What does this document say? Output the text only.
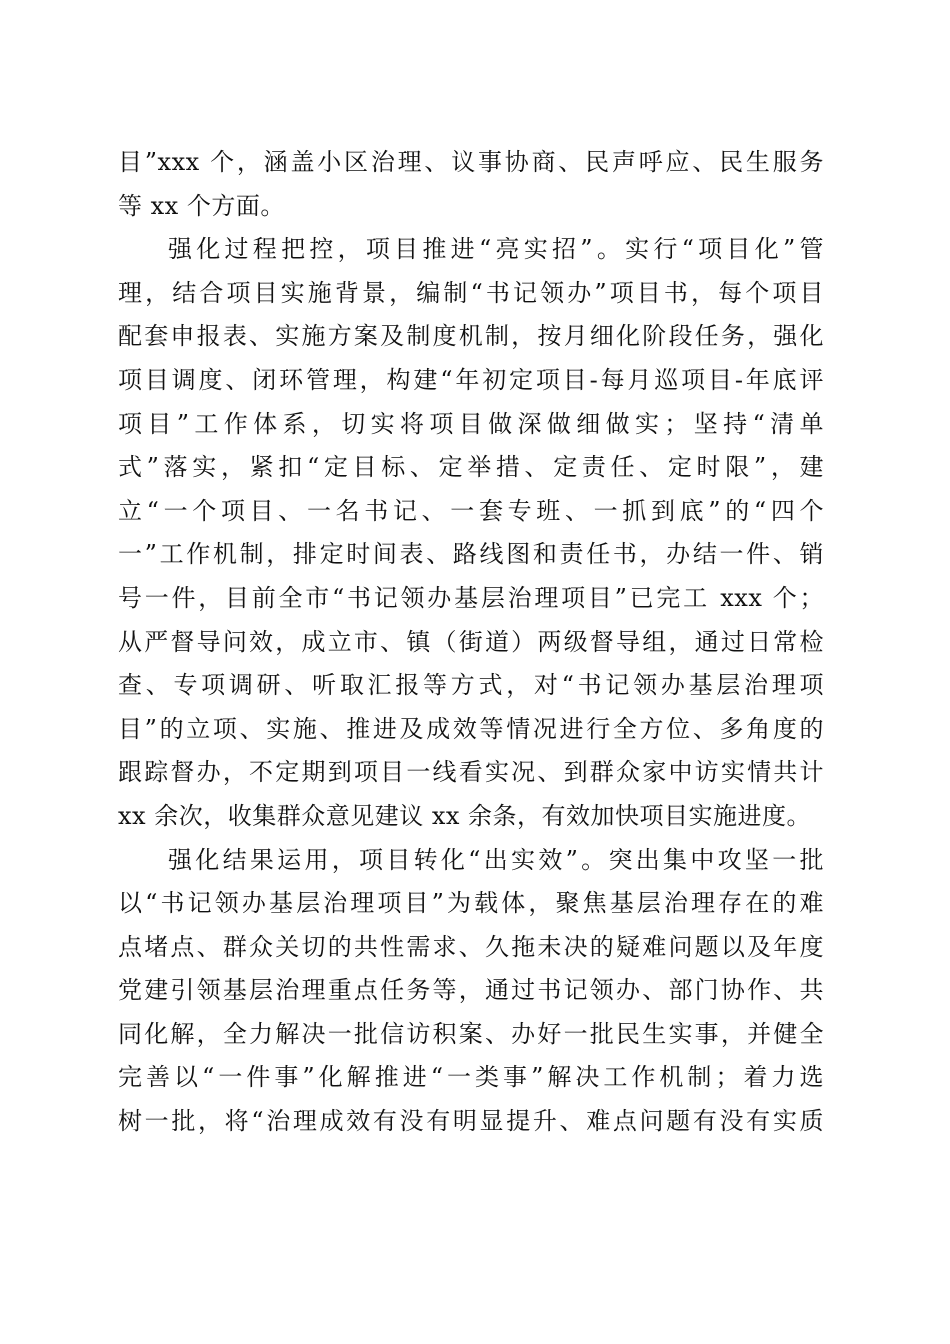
目”xxx 个，涵盖小区治理、议事协商、民声呼应、民生服务
等 xx 个方面。
强化过程把控，项目推进“亮实招”。实行“项目化”管
理，结合项目实施背景，编制“书记领办”项目书，每个项目
配套申报表、实施方案及制度机制，按月细化阶段任务，强化
项目调度、闭环管理，构建“年初定项目-每月巡项目-年底评
项目”工作体系，切实将项目做深做细做实；坚持“清单
式”落实，紧扣“定目标、定举措、定责任、定时限”，建
立“一个项目、一名书记、一套专班、一抓到底”的“四个
一”工作机制，排定时间表、路线图和责任书，办结一件、销
号一件，目前全市“书记领办基层治理项目”已完工 xxx 个；
从严督导问效，成立市、镇（街道）两级督导组，通过日常检
查、专项调研、听取汇报等方式，对“书记领办基层治理项
目”的立项、实施、推进及成效等情况进行全方位、多角度的
跟踪督办，不定期到项目一线看实况、到群众家中访实情共计
xx 余次，收集群众意见建议 xx 余条，有效加快项目实施进度。
强化结果运用，项目转化“出实效”。突出集中攻坚一批
以“书记领办基层治理项目”为载体，聚焦基层治理存在的难
点堵点、群众关切的共性需求、久拖未决的疑难问题以及年度
党建引领基层治理重点任务等，通过书记领办、部门协作、共
同化解，全力解决一批信访积案、办好一批民生实事，并健全
完善以“一件事”化解推进“一类事”解决工作机制；着力选
树一批，将“治理成效有没有明显提升、难点问题有没有实质
